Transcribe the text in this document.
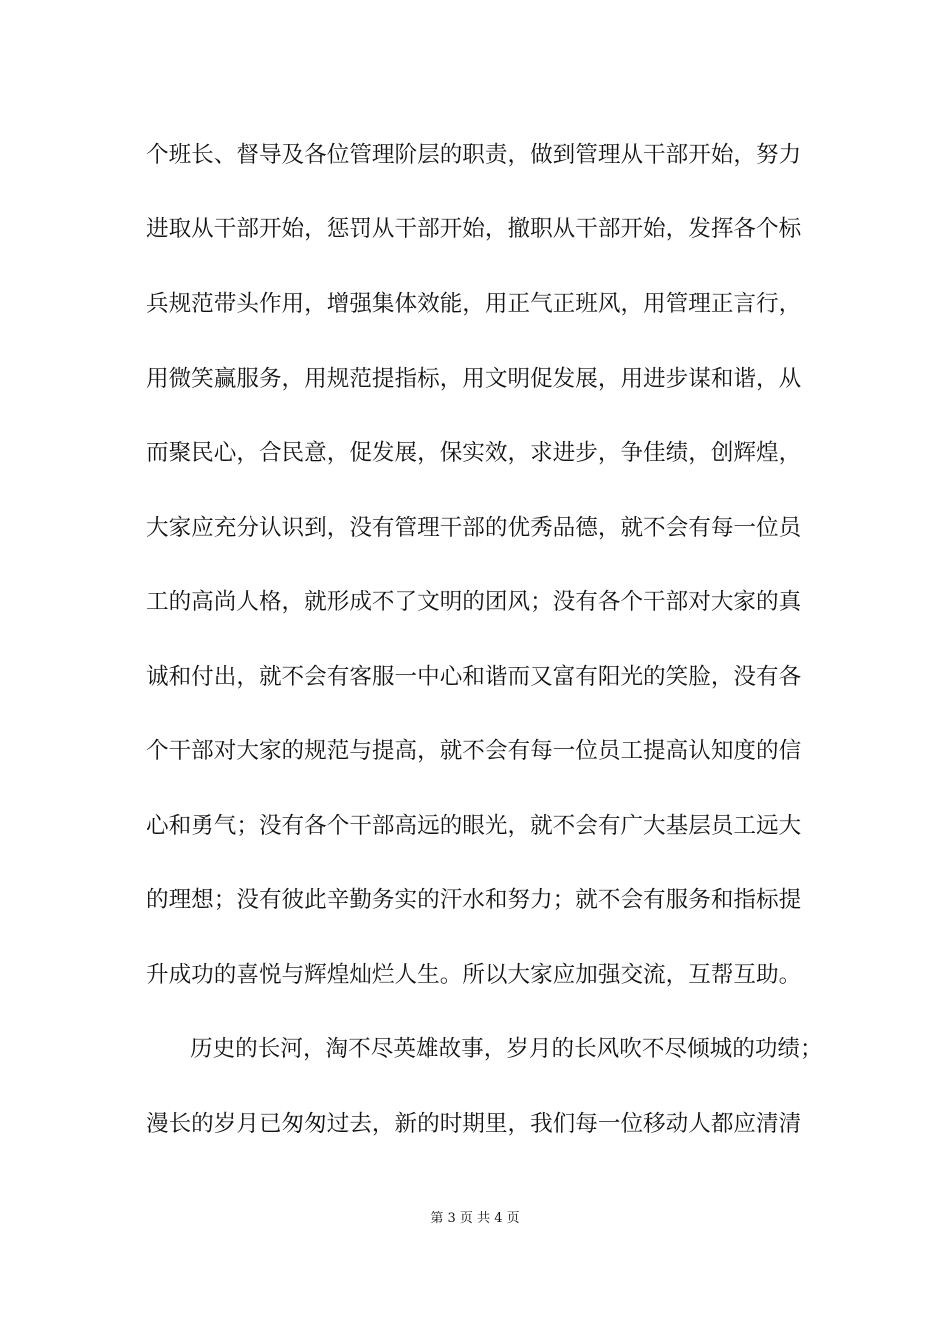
个班长、督导及各位管理阶层的职责，做到管理从干部开始，努力
进取从干部开始，惩罚从干部开始，撤职从干部开始，发挥各个标
兵规范带头作用，增强集体效能，用正气正班风，用管理正言行，
用微笑赢服务，用规范提指标，用文明促发展，用进步谋和谐，从
而聚民心，合民意，促发展，保实效，求进步，争佳绩，创辉煌，
大家应充分认识到，没有管理干部的优秀品德，就不会有每一位员
工的高尚人格，就形成不了文明的团风；没有各个干部对大家的真
诚和付出，就不会有客服一中心和谐而又富有阳光的笑脸，没有各
个干部对大家的规范与提高，就不会有每一位员工提高认知度的信
心和勇气；没有各个干部高远的眼光，就不会有广大基层员工远大
的理想；没有彼此辛勤务实的汗水和努力；就不会有服务和指标提
升成功的喜悦与辉煌灿烂人生。所以大家应加强交流，互帮互助。
历史的长河，淘不尽英雄故事，岁月的长风吹不尽倾城的功绩；
漫长的岁月已匆匆过去，新的时期里，我们每一位移动人都应清清
第 3 页 共 4 页
